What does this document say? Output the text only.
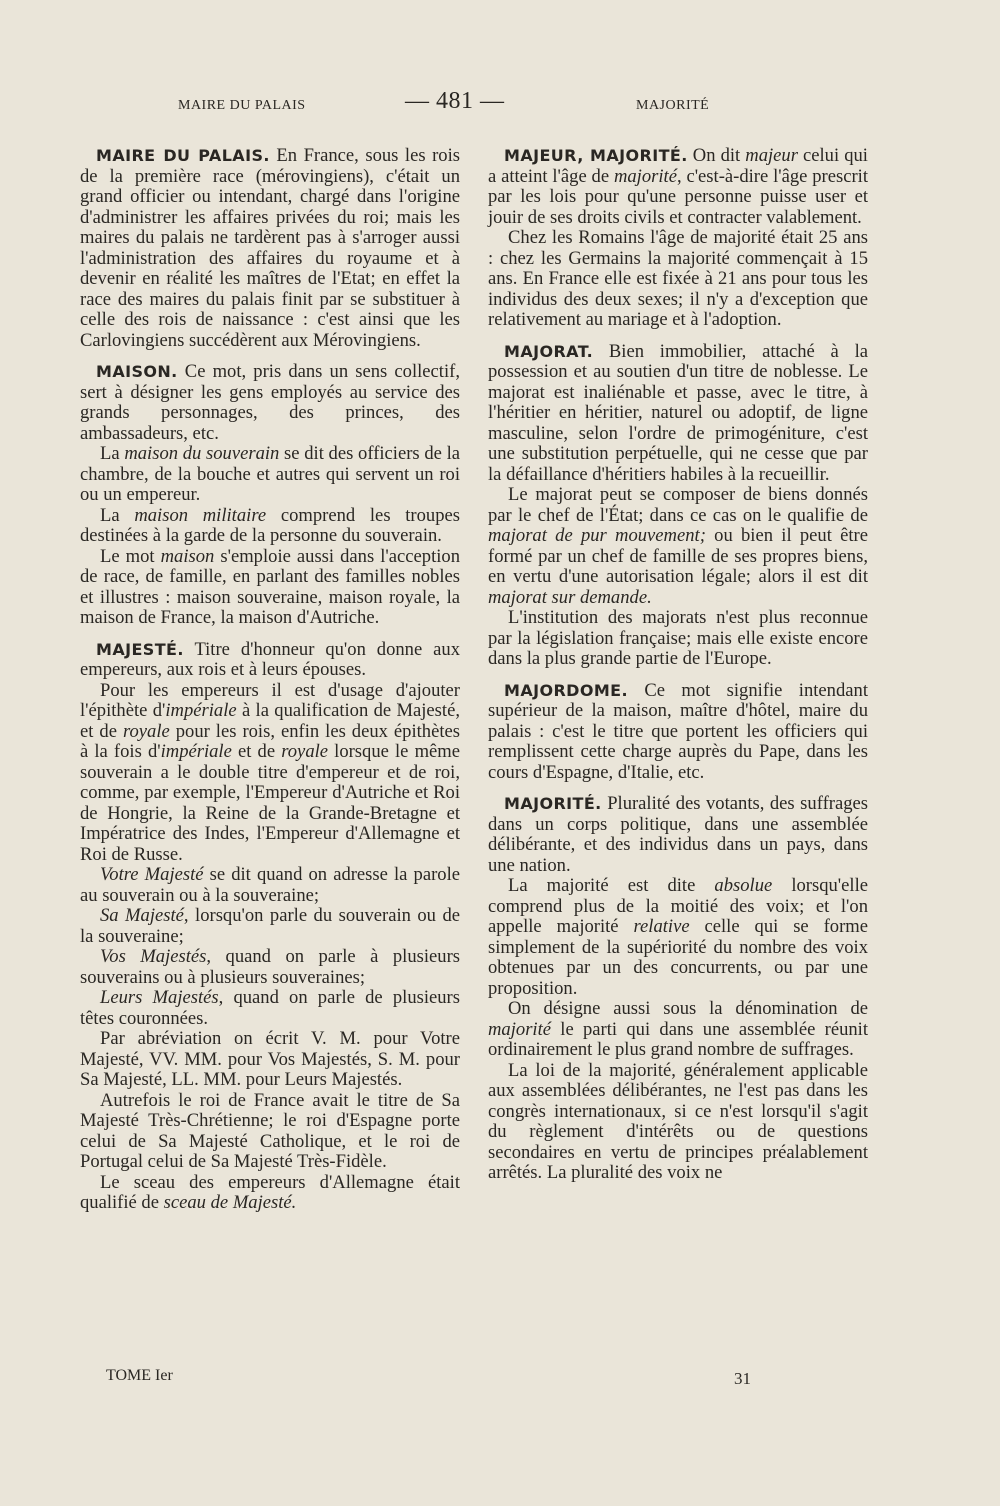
MAIRE DU PALAIS	— 481 —	MAJORITÉ

MAIRE DU PALAIS. En France, sous les rois de la première race (mérovingiens), c'était un grand officier ou intendant, chargé dans l'origine d'administrer les affaires privées du roi; mais les maires du palais ne tardèrent pas à s'arroger aussi l'administration des affaires du royaume et à devenir en réalité les maîtres de l'Etat; en effet la race des maires du palais finit par se substituer à celle des rois de naissance : c'est ainsi que les Carlovingiens succédèrent aux Mérovingiens.

MAISON. Ce mot, pris dans un sens collectif, sert à désigner les gens employés au service des grands personnages, des princes, des ambassadeurs, etc.

La maison du souverain se dit des officiers de la chambre, de la bouche et autres qui servent un roi ou un empereur.

La maison militaire comprend les troupes destinées à la garde de la personne du souverain.

Le mot maison s'emploie aussi dans l'acception de race, de famille, en parlant des familles nobles et illustres : maison souveraine, maison royale, la maison de France, la maison d'Autriche.

MAJESTÉ. Titre d'honneur qu'on donne aux empereurs, aux rois et à leurs épouses.

Pour les empereurs il est d'usage d'ajouter l'épithète d'impériale à la qualification de Majesté, et de royale pour les rois, enfin les deux épithètes à la fois d'impériale et de royale lorsque le même souverain a le double titre d'empereur et de roi, comme, par exemple, l'Empereur d'Autriche et Roi de Hongrie, la Reine de la Grande-Bretagne et Impératrice des Indes, l'Empereur d'Allemagne et Roi de Russe.

Votre Majesté se dit quand on adresse la parole au souverain ou à la souveraine;

Sa Majesté, lorsqu'on parle du souverain ou de la souveraine;

Vos Majestés, quand on parle à plusieurs souverains ou à plusieurs souveraines;

Leurs Majestés, quand on parle de plusieurs têtes couronnées.

Par abréviation on écrit V. M. pour Votre Majesté, VV. MM. pour Vos Majestés, S. M. pour Sa Majesté, LL. MM. pour Leurs Majestés.

Autrefois le roi de France avait le titre de Sa Majesté Très-Chrétienne; le roi d'Espagne porte celui de Sa Majesté Catholique, et le roi de Portugal celui de Sa Majesté Très-Fidèle.

Le sceau des empereurs d'Allemagne était qualifié de sceau de Majesté.

MAJEUR, MAJORITÉ. On dit majeur celui qui a atteint l'âge de majorité, c'est-à-dire l'âge prescrit par les lois pour qu'une personne puisse user et jouir de ses droits civils et contracter valablement.

Chez les Romains l'âge de majorité était 25 ans : chez les Germains la majorité commençait à 15 ans. En France elle est fixée à 21 ans pour tous les individus des deux sexes; il n'y a d'exception que relativement au mariage et à l'adoption.

MAJORAT. Bien immobilier, attaché à la possession et au soutien d'un titre de noblesse. Le majorat est inaliénable et passe, avec le titre, à l'héritier en héritier, naturel ou adoptif, de ligne masculine, selon l'ordre de primogéniture, c'est une substitution perpétuelle, qui ne cesse que par la défaillance d'héritiers habiles à la recueillir.

Le majorat peut se composer de biens donnés par le chef de l'État; dans ce cas on le qualifie de majorat de pur mouvement; ou bien il peut être formé par un chef de famille de ses propres biens, en vertu d'une autorisation légale; alors il est dit majorat sur demande.

L'institution des majorats n'est plus reconnue par la législation française; mais elle existe encore dans la plus grande partie de l'Europe.

MAJORDOME. Ce mot signifie intendant supérieur de la maison, maître d'hôtel, maire du palais : c'est le titre que portent les officiers qui remplissent cette charge auprès du Pape, dans les cours d'Espagne, d'Italie, etc.

MAJORITÉ. Pluralité des votants, des suffrages dans un corps politique, dans une assemblée délibérante, et des individus dans un pays, dans une nation.

La majorité est dite absolue lorsqu'elle comprend plus de la moitié des voix; et l'on appelle majorité relative celle qui se forme simplement de la supériorité du nombre des voix obtenues par un des concurrents, ou par une proposition.

On désigne aussi sous la dénomination de majorité le parti qui dans une assemblée réunit ordinairement le plus grand nombre de suffrages.

La loi de la majorité, généralement applicable aux assemblées délibérantes, ne l'est pas dans les congrès internationaux, si ce n'est lorsqu'il s'agit du règlement d'intérêts ou de questions secondaires en vertu de principes préalablement arrêtés. La pluralité des voix ne

TOME Ier	31
